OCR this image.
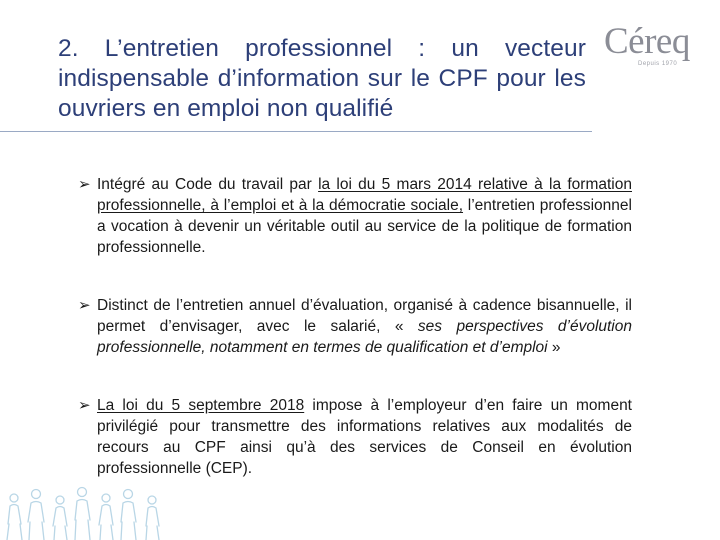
2. L’entretien professionnel : un vecteur indispensable d’information sur le CPF pour les ouvriers en emploi non qualifié
Céreq
Depuis 1970
➢ Intégré au Code du travail par la loi du 5 mars 2014 relative à la formation professionnelle, à l’emploi et à la démocratie sociale, l’entretien professionnel a vocation à devenir un véritable outil au service de la politique de formation professionnelle.
➢ Distinct de l’entretien annuel d’évaluation, organisé à cadence bisannuelle, il permet d’envisager, avec le salarié, « ses perspectives d’évolution professionnelle, notamment en termes de qualification et d’emploi »
➢ La loi du 5 septembre 2018 impose à l’employeur d’en faire un moment privilégié pour transmettre des informations relatives aux modalités de recours au CPF ainsi qu’à des services de Conseil en évolution professionnelle (CEP).
